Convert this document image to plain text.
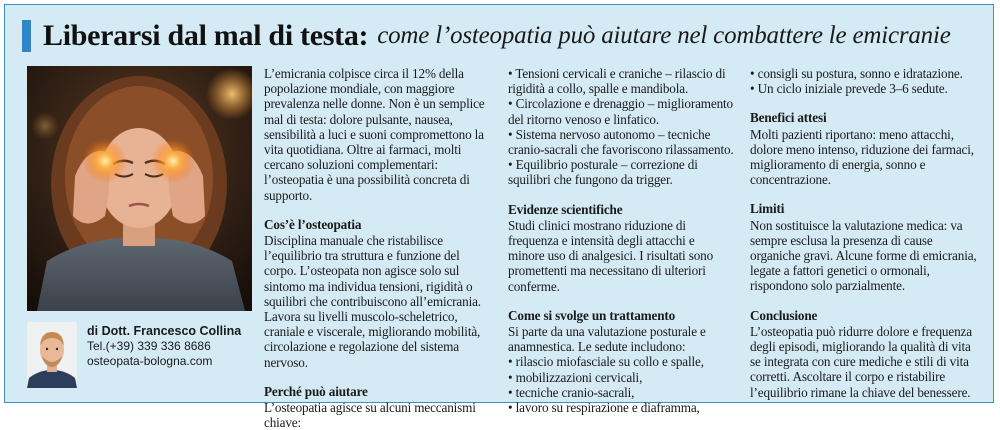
Liberarsi dal mal di testa: come l’osteopatia può aiutare nel combattere le emicranie
di Dott. Francesco Collina
Tel.(+39) 339 336 8686
osteopata-bologna.com

L’emicrania colpisce circa il 12% della popolazione mondiale, con maggiore prevalenza nelle donne. Non è un semplice mal di testa: dolore pulsante, nausea, sensibilità a luci e suoni compromettono la vita quotidiana. Oltre ai farmaci, molti cercano soluzioni complementari: l’osteopatia è una possibilità concreta di supporto.

Cos’è l’osteopatia

Disciplina manuale che ristabilisce l’equilibrio tra struttura e funzione del corpo. L’osteopata non agisce solo sul sintomo ma individua tensioni, rigidità o squilibri che contribuiscono all’emicrania. Lavora su livelli muscolo-scheletrico, craniale e viscerale, migliorando mobilità, circolazione e regolazione del sistema nervoso.

Perché può aiutare

L’osteopatia agisce su alcuni meccanismi chiave:

• Tensioni cervicali e craniche – rilascio di rigidità a collo, spalle e mandibola.
• Circolazione e drenaggio – miglioramento del ritorno venoso e linfatico.
• Sistema nervoso autonomo – tecniche cranio-sacrali che favoriscono rilassamento.
• Equilibrio posturale – correzione di squilibri che fungono da trigger.
Evidenze scientifiche

Studi clinici mostrano riduzione di frequenza e intensità degli attacchi e minore uso di analgesici. I risultati sono promettenti ma necessitano di ulteriori conferme.

Come si svolge un trattamento

Si parte da una valutazione posturale e anamnestica. Le sedute includono:

• rilascio miofasciale su collo e spalle,
• mobilizzazioni cervicali,
• tecniche cranio-sacrali,
• lavoro su respirazione e diaframma,
• consigli su postura, sonno e idratazione.
• Un ciclo iniziale prevede 3–6 sedute.
Benefici attesi

Molti pazienti riportano: meno attacchi, dolore meno intenso, riduzione dei farmaci, miglioramento di energia, sonno e concentrazione.

Limiti

Non sostituisce la valutazione medica: va sempre esclusa la presenza di cause organiche gravi. Alcune forme di emicrania, legate a fattori genetici o ormonali, rispondono solo parzialmente.

Conclusione

L’osteopatia può ridurre dolore e frequenza degli episodi, migliorando la qualità di vita se integrata con cure mediche e stili di vita corretti. Ascoltare il corpo e ristabilire l’equilibrio rimane la chiave del benessere.
